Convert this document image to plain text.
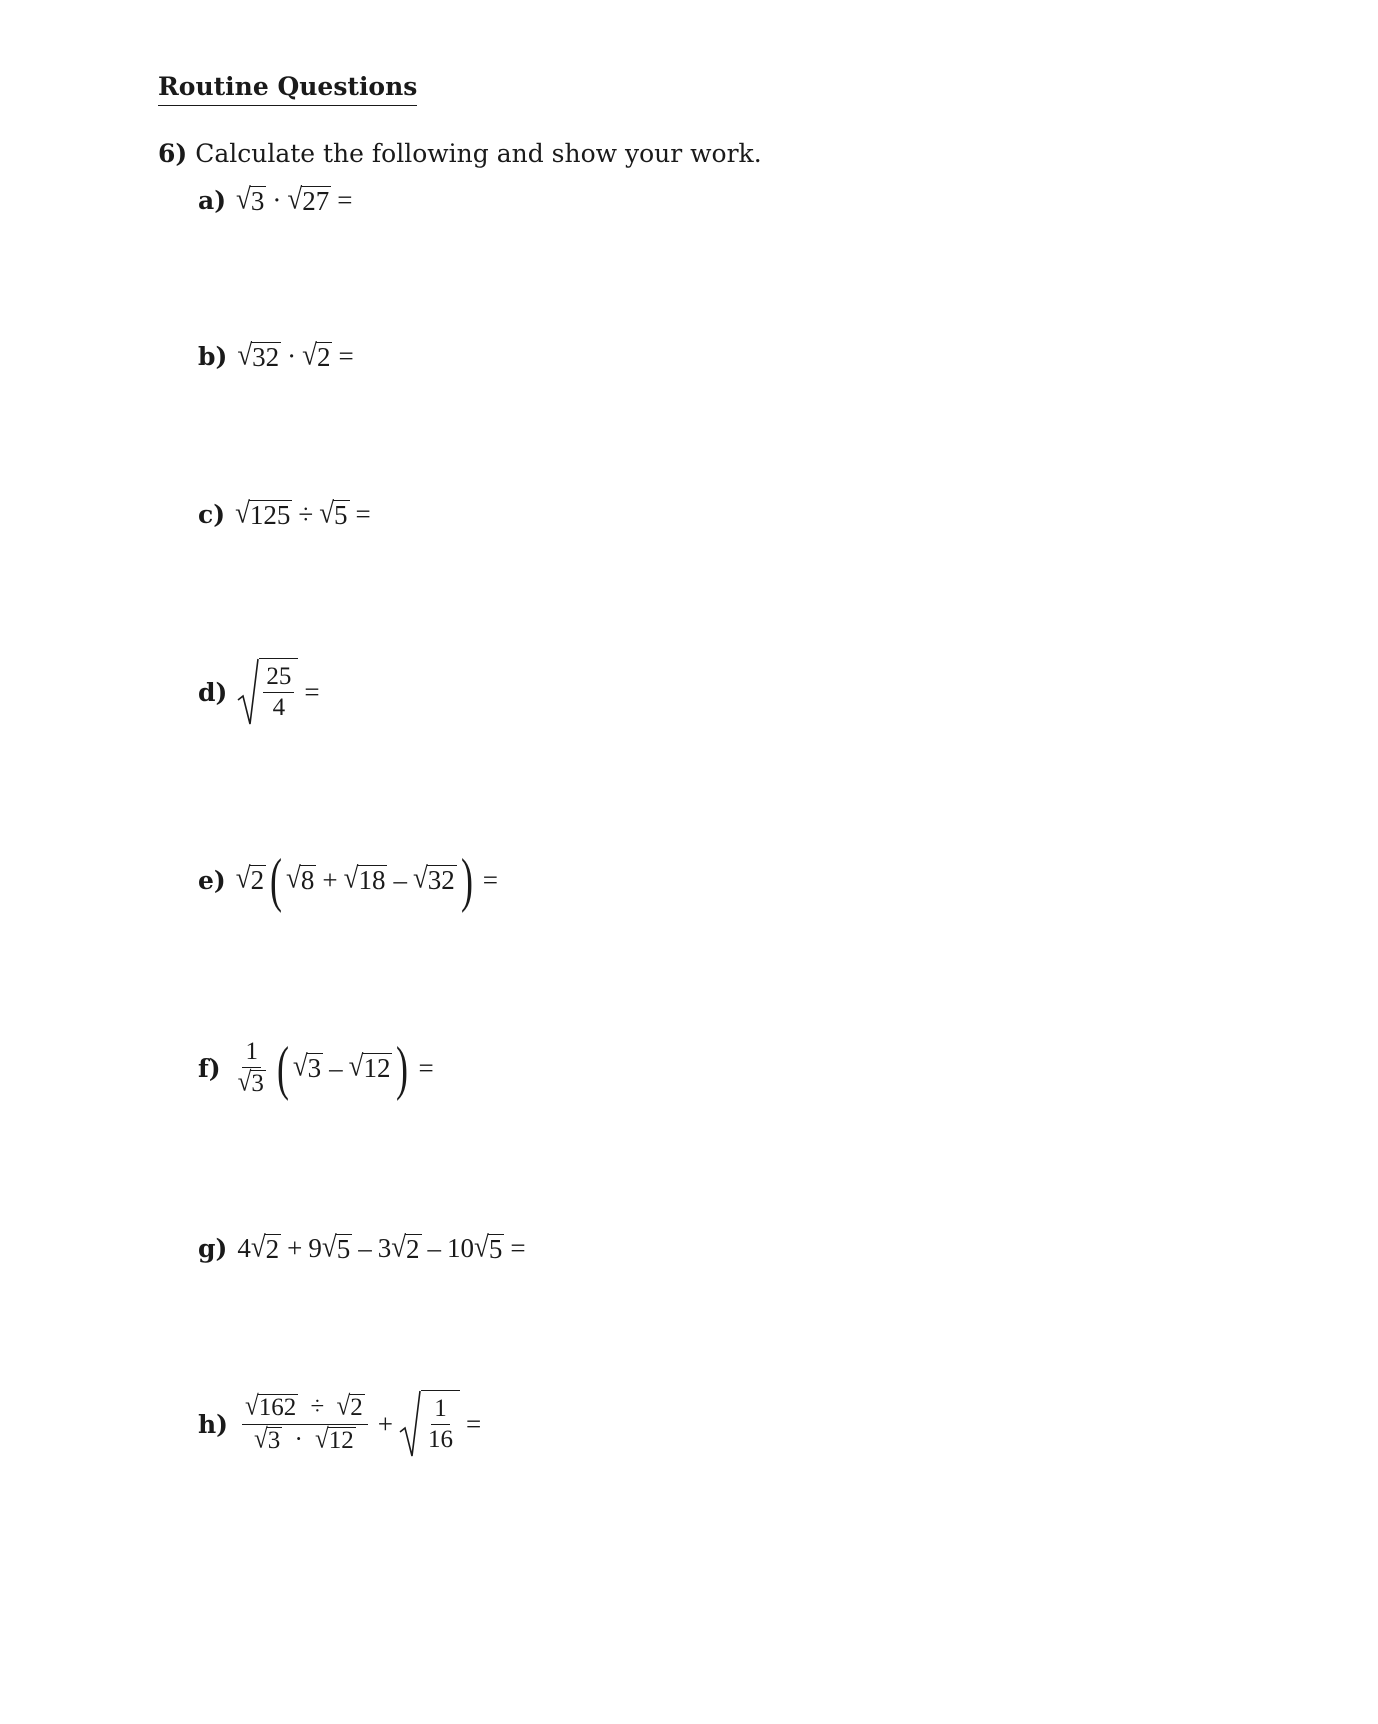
Routine Questions
6) Calculate the following and show your work.
a) √ 3 · √ 27 =
b) √ 32 · √ 2 =
c) √ 125 ÷ √ 5 =
$d) \frac{25}{4}$ =
e) √ 2 ( √ 8 + √ 18 – √ 32 ) =
$f) \frac{1}{√ 3}$ ( √ 3 – √ 12 ) =
g) 4 √ 2 + 9 √ 5 – 3 √ 2 – 10 √ 5 =
$h) \frac{√ 162 \div √ 2}{√ 3 \cdot √ 12} + \frac{1}{16}$ =
